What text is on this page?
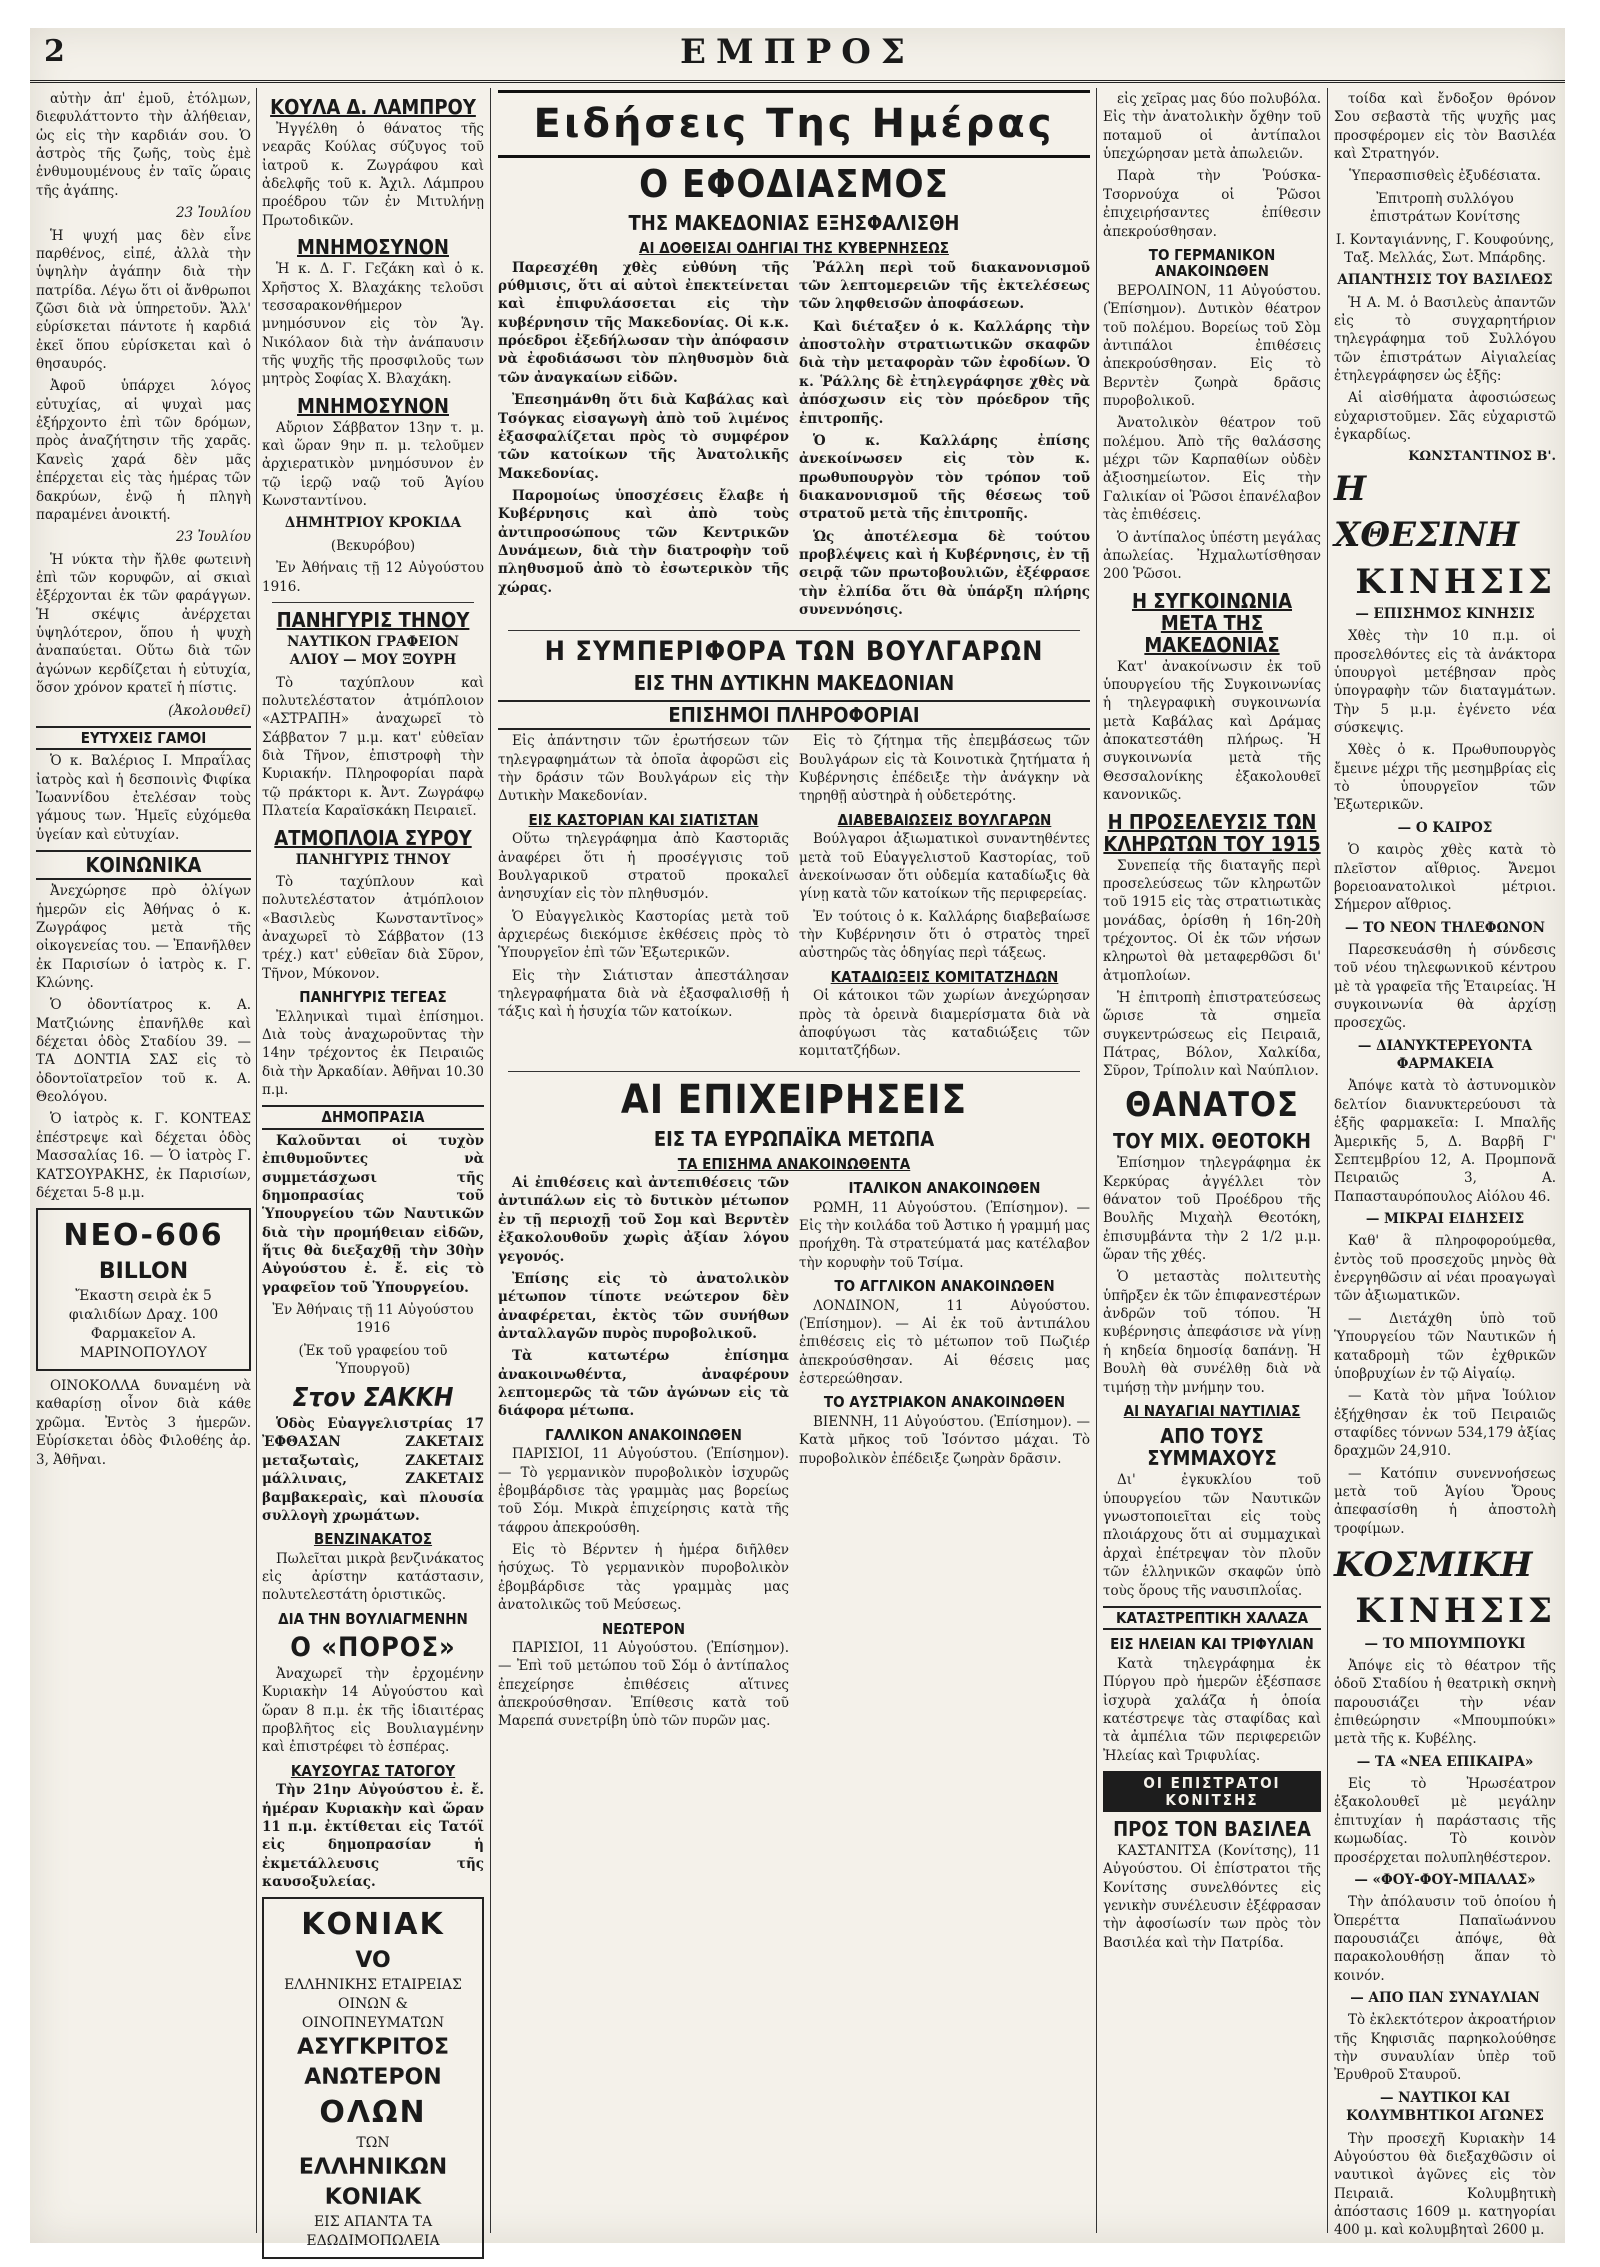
2	ΕΜΠΡΟΣ

αὐτὴν ἀπ' ἐμοῦ, ἐτόλμων, διεφυλάττοντο τὴν ἀλήθειαν, ὡς εἰς τὴν καρδιάν σου. Ὁ ἀστρὸς τῆς ζωῆς, τοὺς ἐμὲ ἐνθυμουμένους ἐν ταῖς ὥραις τῆς ἀγάπης.

23 Ἰουλίου

Ἡ ψυχή μας δὲν εἶνε παρθένος, εἰπέ, ἀλλὰ τὴν ὑψηλὴν ἀγάπην διὰ τὴν πατρίδα. Λέγω ὅτι οἱ ἄνθρωποι ζῶσι διὰ νὰ ὑπηρετοῦν. Ἄλλ' εὑρίσκεται πάντοτε ἡ καρδιά ἐκεῖ ὅπου εὑρίσκεται καὶ ὁ θησαυρός.

Ἀφοῦ ὑπάρχει λόγος εὐτυχίας, αἱ ψυχαὶ μας ἐξήρχοντο ἐπὶ τῶν δρόμων, πρὸς ἀναζήτησιν τῆς χαρᾶς. Κανεὶς χαρά δὲν μᾶς ἐπέρχεται εἰς τὰς ἡμέρας τῶν δακρύων, ἐνῷ ἡ πληγὴ παραμένει ἀνοικτή.

23 Ἰουλίου

Ἡ νύκτα τὴν ἤλθε φωτεινὴ ἐπὶ τῶν κορυφῶν, αἱ σκιαὶ ἐξέρχονται ἐκ τῶν φαράγγων. Ἡ σκέψις ἀνέρχεται ὑψηλότερον, ὅπου ἡ ψυχὴ ἀναπαύεται. Οὕτω διὰ τῶν ἀγώνων κερδίζεται ἡ εὐτυχία, ὅσον χρόνον κρατεῖ ἡ πίστις.

(Ἀκολουθεῖ)

ΕΥΤΥΧΕΙΣ ΓΑΜΟΙ

Ὁ κ. Βαλέριος Ι. Μπραΐλας ἰατρὸς καὶ ἡ δεσποινὶς Φιφίκα Ἰωαννίδου ἐτελέσαν τοὺς γάμους των. Ἡμεῖς εὐχόμεθα ὑγείαν καὶ εὐτυχίαν.

ΚΟΙΝΩΝΙΚΑ

Ἀνεχώρησε πρὸ ὀλίγων ἡμερῶν εἰς Ἀθήνας ὁ κ. Ζωγράφος μετὰ τῆς οἰκογενείας του. — Ἐπανῆλθεν ἐκ Παρισίων ὁ ἰατρὸς κ. Γ. Κλώνης.

Ὁ ὀδοντίατρος κ. Α. Ματζιώνης ἐπανῆλθε καὶ δέχεται ὁδὸς Σταδίου 39. — ΤΑ ΔΟΝΤΙΑ ΣΑΣ εἰς τὸ ὀδοντοϊατρεῖον τοῦ κ. Α. Θεολόγου.

Ὁ ἰατρὸς κ. Γ. ΚΟΝΤΕΑΣ ἐπέστρεψε καὶ δέχεται ὁδὸς Μασσαλίας 16. — Ὁ ἰατρὸς Γ. ΚΑΤΣΟΥΡΑΚΗΣ, ἐκ Παρισίων, δέχεται 5-8 μ.μ.

ΝΕΟ-606
BILLON
Ἔκαστη σειρὰ ἐκ 5 φιαλιδίων Δραχ. 100 Φαρμακεῖον Α. ΜΑΡΙΝΟΠΟΥΛΟΥ

ΟΙΝΟΚΟΛΛΑ δυναμένη νὰ καθαρίσῃ οἶνον διὰ κάθε χρῶμα. Ἐντὸς 3 ἡμερῶν. Εὑρίσκεται ὁδὸς Φιλοθέης ἀρ. 3, Ἀθῆναι.

ΚΟΥΛΑ Δ. ΛΑΜΠΡΟΥ

Ἠγγέλθη ὁ θάνατος τῆς νεαρᾶς Κούλας σύζυγος τοῦ ἰατροῦ κ. Ζωγράφου καὶ ἀδελφῆς τοῦ κ. Ἀχιλ. Λάμπρου προέδρου τῶν ἐν Μιτυλήνῃ Πρωτοδικῶν.

ΜΝΗΜΟΣΥΝΟΝ

Ἡ κ. Δ. Γ. Γεζάκη καὶ ὁ κ. Χρῆστος Χ. Βλαχάκης τελοῦσι τεσσαρακονθήμερον μνημόσυνον εἰς τὸν Ἅγ. Νικόλαον διὰ τὴν ἀνάπαυσιν τῆς ψυχῆς τῆς προσφιλοῦς των μητρὸς Σοφίας Χ. Βλαχάκη.

ΜΝΗΜΟΣΥΝΟΝ

Αὔριον Σάββατον 13ην τ. μ. καὶ ὥραν 9ην π. μ. τελοῦμεν ἀρχιερατικὸν μνημόσυνον ἐν τῷ ἱερῷ ναῷ τοῦ Ἁγίου Κωνσταντίνου.

ΔΗΜΗΤΡΙΟΥ ΚΡΟΚΙΔΑ

(Βεκυρόβου)

Ἐν Ἀθήναις τῇ 12 Αὐγούστου 1916.

ΠΑΝΗΓΥΡΙΣ ΤΗΝΟΥ

ΝΑΥΤΙΚΟΝ ΓΡΑΦΕΙΟΝ ΑΛΙΟΥ — ΜΟΥ ΞΟΥΡΗ

Τὸ ταχύπλουν καὶ πολυτελέστατον ἀτμόπλοιον «ΑΣΤΡΑΠΗ» ἀναχωρεῖ τὸ Σάββατον 7 μ.μ. κατ' εὐθεῖαν διὰ Τῆνον, ἐπιστροφὴ τὴν Κυριακήν. Πληροφορίαι παρὰ τῷ πράκτορι κ. Ἀντ. Ζωγράφῳ Πλατεία Καραϊσκάκη Πειραιεῖ.

ΑΤΜΟΠΛΟΙΑ ΣΥΡΟΥ

ΠΑΝΗΓΥΡΙΣ ΤΗΝΟΥ

Τὸ ταχύπλουν καὶ πολυτελέστατον ἀτμόπλοιον «Βασιλεὺς Κωνσταντῖνος» ἀναχωρεῖ τὸ Σάββατον (13 τρέχ.) κατ' εὐθεῖαν διὰ Σῦρον, Τῆνον, Μύκονον.

ΠΑΝΗΓΥΡΙΣ ΤΕΓΕΑΣ

Ἐλληνικαὶ τιμαὶ ἐπίσημοι. Διὰ τοὺς ἀναχωροῦντας τὴν 14ην τρέχοντος ἐκ Πειραιῶς διὰ τὴν Ἀρκαδίαν. Ἀθῆναι 10.30 π.μ.

ΔΗΜΟΠΡΑΣΙΑ

Καλοῦνται οἱ τυχὸν ἐπιθυμοῦντες νὰ συμμετάσχωσι τῆς δημοπρασίας τοῦ Ὑπουργείου τῶν Ναυτικῶν διὰ τὴν προμήθειαν εἰδῶν, ἥτις θὰ διεξαχθῇ τὴν 30ὴν Αὐγούστου ἐ. ἔ. εἰς τὸ γραφεῖον τοῦ Ὑπουργείου.

Ἐν Ἀθήναις τῇ 11 Αὐγούστου 1916

(Ἐκ τοῦ γραφείου τοῦ Ὑπουργοῦ)

Στον ΣΑΚΚΗ

Ὁδὸς Εὐαγγελιστρίας 17 ἘΦΘΑΣΑΝ ΖΑΚΕΤΑΙΣ μεταξωταὶς, ΖΑΚΕΤΑΙΣ μάλλιναις, ΖΑΚΕΤΑΙΣ βαμβακεραὶς, καὶ πλουσία συλλογὴ χρωμάτων.

ΒΕΝΖΙΝΑΚΑΤΟΣ

Πωλεῖται μικρὰ βενζινάκατος εἰς ἀρίστην κατάστασιν, πολυτελεστάτη ὁριστικῶς.

ΔΙΑ ΤΗΝ ΒΟΥΛΙΑΓΜΕΝΗΝ
Ο «ΠΟΡΟΣ»

Ἀναχωρεῖ τὴν ἐρχομένην Κυριακὴν 14 Αὐγούστου καὶ ὥραν 8 π.μ. ἐκ τῆς ἰδιαιτέρας προβλῆτος εἰς Βουλιαγμένην καὶ ἐπιστρέφει τὸ ἑσπέρας.

ΚΑΥΣΟΥΓΑΣ ΤΑΤΟΓΟΥ

Τὴν 21ην Αὐγούστου ἐ. ἔ. ἡμέραν Κυριακὴν καὶ ὥραν 11 π.μ. ἐκτίθεται εἰς Τατόϊ εἰς δημοπρασίαν ἡ ἐκμετάλλευσις τῆς καυσοξυλείας.

ΚΟΝΙΑΚ
VO
ΕΛΛΗΝΙΚΗΣ ΕΤΑΙΡΕΙΑΣ ΟΙΝΩΝ & ΟΙΝΟΠΝΕΥΜΑΤΩΝ
ΑΣΥΓΚΡΙΤΟΣ ΑΝΩΤΕΡΟΝ
ΟΛΩΝ
ΤΩΝ
ΕΛΛΗΝΙΚΩΝ ΚΟΝΙΑΚ
ΕΙΣ ΑΠΑΝΤΑ ΤΑ ΕΔΩΔΙΜΟΠΩΛΕΙΑ
Ειδήσεις Της Ημέρας
Ο ΕΦΟΔΙΑΣΜΟΣ
ΤΗΣ ΜΑΚΕΔΟΝΙΑΣ ΕΞΗΣΦΑΛΙΣΘΗ
ΑΙ ΔΟΘΕΙΣΑΙ ΟΔΗΓΙΑΙ ΤΗΣ ΚΥΒΕΡΝΗΣΕΩΣ

Παρεσχέθη χθὲς εὐθύνη τῆς ρύθμισις, ὅτι αἱ αὐτοὶ ἐπεκτείνεται καὶ ἐπιφυλάσσεται εἰς τὴν κυβέρνησιν τῆς Μακεδονίας. Οἱ κ.κ. πρόεδροι ἐξεδήλωσαν τὴν ἀπόφασιν νὰ ἐφοδιάσωσι τὸν πληθυσμὸν διὰ τῶν ἀναγκαίων εἰδῶν.

Ἐπεσημάνθη ὅτι διὰ Καβάλας καὶ Τσόγκας εἰσαγωγὴ ἀπὸ τοῦ λιμένος ἐξασφαλίζεται πρὸς τὸ συμφέρον τῶν κατοίκων τῆς Ἀνατολικῆς Μακεδονίας.

Παρομοίως ὑποσχέσεις ἔλαβε ἡ Κυβέρνησις καὶ ἀπὸ τοὺς ἀντιπροσώπους τῶν Κεντρικῶν Δυνάμεων, διὰ τὴν διατροφὴν τοῦ πληθυσμοῦ ἀπὸ τὸ ἐσωτερικὸν τῆς χώρας.

Ῥάλλη περὶ τοῦ διακανονισμοῦ τῶν λεπτομερειῶν τῆς ἐκτελέσεως τῶν ληφθεισῶν ἀποφάσεων.

Καὶ διέταξεν ὁ κ. Καλλάρης τὴν ἀποστολὴν στρατιωτικῶν σκαφῶν διὰ τὴν μεταφορὰν τῶν ἐφοδίων. Ὁ κ. Ῥάλλης δὲ ἐτηλεγράφησε χθὲς νὰ ἀπόσχωσιν εἰς τὸν πρόεδρον τῆς ἐπιτροπῆς.

Ὁ κ. Καλλάρης ἐπίσης ἀνεκοίνωσεν εἰς τὸν κ. πρωθυπουργὸν τὸν τρόπον τοῦ διακανονισμοῦ τῆς θέσεως τοῦ στρατοῦ μετὰ τῆς ἐπιτροπῆς.

Ὡς ἀποτέλεσμα δὲ τούτου προβλέψεις καὶ ἡ Κυβέρνησις, ἐν τῇ σειρᾷ τῶν πρωτοβουλιῶν, ἐξέφρασε τὴν ἐλπίδα ὅτι θὰ ὑπάρξη πλήρης συνεννόησις.

Η ΣΥΜΠΕΡΙΦΟΡΑ ΤΩΝ ΒΟΥΛΓΑΡΩΝ
ΕΙΣ ΤΗΝ ΔΥΤΙΚΗΝ ΜΑΚΕΔΟΝΙΑΝ
ΕΠΙΣΗΜΟΙ ΠΛΗΡΟΦΟΡΙΑΙ

Εἰς ἀπάντησιν τῶν ἐρωτήσεων τῶν τηλεγραφημάτων τὰ ὁποῖα ἀφορῶσι εἰς τὴν δράσιν τῶν Βουλγάρων εἰς τὴν Δυτικὴν Μακεδονίαν.

ΕΙΣ ΚΑΣΤΟΡΙΑΝ ΚΑΙ ΣΙΑΤΙΣΤΑΝ

Οὕτω τηλεγράφημα ἀπὸ Καστοριᾶς ἀναφέρει ὅτι ἡ προσέγγισις τοῦ Βουλγαρικοῦ στρατοῦ προκαλεῖ ἀνησυχίαν εἰς τὸν πληθυσμόν.

Ὁ Εὐαγγελικὸς Καστορίας μετὰ τοῦ ἀρχιερέως διεκόμισε ἐκθέσεις πρὸς τὸ Ὑπουργεῖον ἐπὶ τῶν Ἐξωτερικῶν.

Εἰς τὴν Σιάτισταν ἀπεστάλησαν τηλεγραφήματα διὰ νὰ ἐξασφαλισθῇ ἡ τάξις καὶ ἡ ἡσυχία τῶν κατοίκων.

Εἰς τὸ ζήτημα τῆς ἐπεμβάσεως τῶν Βουλγάρων εἰς τὰ Κοινοτικὰ ζητήματα ἡ Κυβέρνησις ἐπέδειξε τὴν ἀνάγκην νὰ τηρηθῇ αὐστηρὰ ἡ οὐδετερότης.

ΔΙΑΒΕΒΑΙΩΣΕΙΣ ΒΟΥΛΓΑΡΩΝ

Βούλγαροι ἀξιωματικοὶ συναντηθέντες μετὰ τοῦ Εὐαγγελιστοῦ Καστορίας, τοῦ ἀνεκοίνωσαν ὅτι οὐδεμία καταδίωξις θὰ γίνῃ κατὰ τῶν κατοίκων τῆς περιφερείας.

Ἐν τούτοις ὁ κ. Καλλάρης διαβεβαίωσε τὴν Κυβέρνησιν ὅτι ὁ στρατὸς τηρεῖ αὐστηρῶς τὰς ὁδηγίας περὶ τάξεως.

ΚΑΤΑΔΙΩΞΕΙΣ ΚΟΜΙΤΑΤΖΗΔΩΝ

Οἱ κάτοικοι τῶν χωρίων ἀνεχώρησαν πρὸς τὰ ὀρεινὰ διαμερίσματα διὰ νὰ ἀποφύγωσι τὰς καταδιώξεις τῶν κομιτατζήδων.

ΑΙ ΕΠΙΧΕΙΡΗΣΕΙΣ
ΕΙΣ ΤΑ ΕΥΡΩΠΑΪΚΑ ΜΕΤΩΠΑ
ΤΑ ΕΠΙΣΗΜΑ ΑΝΑΚΟΙΝΩΘΕΝΤΑ

Αἱ ἐπιθέσεις καὶ ἀντεπιθέσεις τῶν ἀντιπάλων εἰς τὸ δυτικὸν μέτωπον ἐν τῇ περιοχῇ τοῦ Σομ καὶ Βερντὲν ἐξακολουθοῦν χωρὶς ἀξίαν λόγου γεγονός.

Ἐπίσης εἰς τὸ ἀνατολικὸν μέτωπον τίποτε νεώτερον δὲν ἀναφέρεται, ἐκτὸς τῶν συνήθων ἀνταλλαγῶν πυρὸς πυροβολικοῦ.

Τὰ κατωτέρω ἐπίσημα ἀνακοινωθέντα, ἀναφέρουν λεπτομερῶς τὰ τῶν ἀγώνων εἰς τὰ διάφορα μέτωπα.

ΓΑΛΛΙΚΟΝ ΑΝΑΚΟΙΝΩΘΕΝ

ΠΑΡΙΣΙΟΙ, 11 Αὐγούστου. (Ἐπίσημον). — Τὸ γερμανικὸν πυροβολικὸν ἰσχυρῶς ἐβομβάρδισε τὰς γραμμὰς μας βορείως τοῦ Σόμ. Μικρὰ ἐπιχείρησις κατὰ τῆς τάφρου ἀπεκρούσθη.

Εἰς τὸ Βέρντεν ἡ ἡμέρα διῆλθεν ἡσύχως. Τὸ γερμανικὸν πυροβολικὸν ἐβομβάρδισε τὰς γραμμὰς μας ἀνατολικῶς τοῦ Μεύσεως.

ΝΕΩΤΕΡΟΝ

ΠΑΡΙΣΙΟΙ, 11 Αὐγούστου. (Ἐπίσημον). — Ἐπὶ τοῦ μετώπου τοῦ Σόμ ὁ ἀντίπαλος ἐπεχείρησε ἐπιθέσεις αἵτινες ἀπεκρούσθησαν. Ἐπίθεσις κατὰ τοῦ Μαρεπά συνετρίβη ὑπὸ τῶν πυρῶν μας.

ΙΤΑΛΙΚΟΝ ΑΝΑΚΟΙΝΩΘΕΝ

ΡΩΜΗ, 11 Αὐγούστου. (Ἐπίσημον). — Εἰς τὴν κοιλάδα τοῦ Ἀστικο ἡ γραμμή μας προήχθη. Τὰ στρατεύματά μας κατέλαβον τὴν κορυφὴν τοῦ Τσίμα.

ΤΟ ΑΓΓΛΙΚΟΝ ΑΝΑΚΟΙΝΩΘΕΝ

ΛΟΝΔΙΝΟΝ, 11 Αὐγούστου. (Ἐπίσημον). — Αἱ ἐκ τοῦ ἀντιπάλου ἐπιθέσεις εἰς τὸ μέτωπον τοῦ Πωζιέρ ἀπεκρούσθησαν. Αἱ θέσεις μας ἐστερεώθησαν.

ΤΟ ΑΥΣΤΡΙΑΚΟΝ ΑΝΑΚΟΙΝΩΘΕΝ

ΒΙΕΝΝΗ, 11 Αὐγούστου. (Ἐπίσημον). — Κατὰ μῆκος τοῦ Ἰσόντσο μάχαι. Τὸ πυροβολικὸν ἐπέδειξε ζωηρὰν δρᾶσιν.

εἰς χεῖρας μας δύο πολυβόλα. Εἰς τὴν ἀνατολικὴν ὄχθην τοῦ ποταμοῦ οἱ ἀντίπαλοι ὑπεχώρησαν μετὰ ἀπωλειῶν.

Παρὰ τὴν Ῥούσκα-Τσορνούχα οἱ Ῥῶσοι ἐπιχειρήσαντες ἐπίθεσιν ἀπεκρούσθησαν.

ΤΟ ΓΕΡΜΑΝΙΚΟΝ ΑΝΑΚΟΙΝΩΘΕΝ

ΒΕΡΟΛΙΝΟΝ, 11 Αὐγούστου. (Ἐπίσημον). Δυτικὸν θέατρον τοῦ πολέμου. Βορείως τοῦ Σὸμ ἀντιπάλοι ἐπιθέσεις ἀπεκρούσθησαν. Εἰς τὸ Βερντὲν ζωηρὰ δρᾶσις πυροβολικοῦ.

Ἀνατολικὸν θέατρον τοῦ πολέμου. Ἀπὸ τῆς θαλάσσης μέχρι τῶν Καρπαθίων οὐδὲν ἀξιοσημείωτον. Εἰς τὴν Γαλικίαν οἱ Ῥῶσοι ἐπανέλαβον τὰς ἐπιθέσεις.

Ὁ ἀντίπαλος ὑπέστη μεγάλας ἀπωλείας. Ἠχμαλωτίσθησαν 200 Ῥῶσοι.

Η ΣΥΓΚΟΙΝΩΝΙΑ ΜΕΤΑ ΤΗΣ ΜΑΚΕΔΟΝΙΑΣ

Κατ' ἀνακοίνωσιν ἐκ τοῦ ὑπουργείου τῆς Συγκοινωνίας ἡ τηλεγραφικὴ συγκοινωνία μετὰ Καβάλας καὶ Δράμας ἀποκατεστάθη πλήρως. Ἡ συγκοινωνία μετὰ τῆς Θεσσαλονίκης ἐξακολουθεῖ κανονικῶς.

Η ΠΡΟΣΕΛΕΥΣΙΣ ΤΩΝ ΚΛΗΡΩΤΩΝ ΤΟΥ 1915

Συνεπείᾳ τῆς διαταγῆς περὶ προσελεύσεως τῶν κληρωτῶν τοῦ 1915 εἰς τὰς στρατιωτικὰς μονάδας, ὁρίσθη ἡ 16η-20ὴ τρέχοντος. Οἱ ἐκ τῶν νήσων κληρωτοὶ θὰ μεταφερθῶσι δι' ἀτμοπλοίων.

Ἡ ἐπιτροπὴ ἐπιστρατεύσεως ὥρισε τὰ σημεῖα συγκεντρώσεως εἰς Πειραιᾶ, Πάτρας, Βόλον, Χαλκίδα, Σῦρον, Τρίπολιν καὶ Ναύπλιον.

ΘΑΝΑΤΟΣ
ΤΟΥ ΜΙΧ. ΘΕΟΤΟΚΗ

Ἐπίσημον τηλεγράφημα ἐκ Κερκύρας ἀγγέλλει τὸν θάνατον τοῦ Προέδρου τῆς Βουλῆς Μιχαὴλ Θεοτόκη, ἐπισυμβάντα τὴν 2 1/2 μ.μ. ὥραν τῆς χθές.

Ὁ μεταστὰς πολιτευτὴς ὑπῆρξεν ἐκ τῶν ἐπιφανεστέρων ἀνδρῶν τοῦ τόπου. Ἡ κυβέρνησις ἀπεφάσισε νὰ γίνῃ ἡ κηδεία δημοσίᾳ δαπάνῃ. Ἡ Βουλὴ θὰ συνέλθῃ διὰ νὰ τιμήσῃ τὴν μνήμην του.

ΑΙ ΝΑΥΑΓΙΑΙ ΝΑΥΤΙΛΙΑΣ
ΑΠΟ ΤΟΥΣ ΣΥΜΜΑΧΟΥΣ

Δι' ἐγκυκλίου τοῦ ὑπουργείου τῶν Ναυτικῶν γνωστοποιεῖται εἰς τοὺς πλοιάρχους ὅτι αἱ συμμαχικαὶ ἀρχαὶ ἐπέτρεψαν τὸν πλοῦν τῶν ἑλληνικῶν σκαφῶν ὑπὸ τοὺς ὅρους τῆς ναυσιπλοΐας.

ΚΑΤΑΣΤΡΕΠΤΙΚΗ ΧΑΛΑΖΑ
ΕΙΣ ΗΛΕΙΑΝ ΚΑΙ ΤΡΙΦΥΛΙΑΝ

Κατὰ τηλεγράφημα ἐκ Πύργου πρὸ ἡμερῶν ἐξέσπασε ἰσχυρὰ χαλάζα ἡ ὁποία κατέστρεψε τὰς σταφίδας καὶ τὰ ἀμπέλια τῶν περιφερειῶν Ἠλείας καὶ Τριφυλίας.

ΟΙ ΕΠΙΣΤΡΑΤΟΙ ΚΟΝΙΤΣΗΣ
ΠΡΟΣ ΤΟΝ ΒΑΣΙΛΕΑ

ΚΑΣΤΑΝΙΤΣΑ (Κονίτσης), 11 Αὐγούστου. Οἱ ἐπίστρατοι τῆς Κονίτσης συνελθόντες εἰς γενικὴν συνέλευσιν ἐξέφρασαν τὴν ἀφοσίωσίν των πρὸς τὸν Βασιλέα καὶ τὴν Πατρίδα.

τοίδα καὶ ἔνδοξον θρόνον Σου σεβαστὰ τῆς ψυχῆς μας προσφέρομεν εἰς τὸν Βασιλέα καὶ Στρατηγόν.

Ὑπερασπισθεὶς ἐξυδέσιατα.

Ἐπιτροπὴ συλλόγου ἐπιστράτων Κονίτσης

Ι. Κονταγιάννης, Γ. Κουφούνης, Ταξ. Μελλάς, Σωτ. Μπάρδης.

ΑΠΑΝΤΗΣΙΣ ΤΟΥ ΒΑΣΙΛΕΩΣ

Ἡ Α. Μ. ὁ Βασιλεὺς ἀπαντῶν εἰς τὸ συγχαρητήριον τηλεγράφημα τοῦ Συλλόγου τῶν ἐπιστράτων Αἰγιαλείας ἐτηλεγράφησεν ὡς ἑξῆς:

Αἱ αἰσθήματα ἀφοσιώσεως εὐχαριστοῦμεν. Σᾶς εὐχαριστῶ ἐγκαρδίως.

ΚΩΝΣΤΑΝΤΙΝΟΣ Β'.
Η ΧΘΕΣΙΝΗ
ΚΙΝΗΣΙΣ

— ΕΠΙΣΗΜΟΣ ΚΙΝΗΣΙΣ

Χθὲς τὴν 10 π.μ. οἱ προσελθόντες εἰς τὰ ἀνάκτορα ὑπουργοὶ μετέβησαν πρὸς ὑπογραφὴν τῶν διαταγμάτων. Τὴν 5 μ.μ. ἐγένετο νέα σύσκεψις.

Χθὲς ὁ κ. Πρωθυπουργὸς ἔμεινε μέχρι τῆς μεσημβρίας εἰς τὸ ὑπουργεῖον τῶν Ἐξωτερικῶν.

— Ο ΚΑΙΡΟΣ

Ὁ καιρὸς χθὲς κατὰ τὸ πλεῖστον αἴθριος. Ἄνεμοι βορειοανατολικοὶ μέτριοι. Σήμερον αἴθριος.

— ΤΟ ΝΕΟΝ ΤΗΛΕΦΩΝΟΝ

Παρεσκευάσθη ἡ σύνδεσις τοῦ νέου τηλεφωνικοῦ κέντρου μὲ τὰ γραφεῖα τῆς Ἑταιρείας. Ἡ συγκοινωνία θὰ ἀρχίσῃ προσεχῶς.

— ΔΙΑΝΥΚΤΕΡΕΥΟΝΤΑ ΦΑΡΜΑΚΕΙΑ

Ἀπόψε κατὰ τὸ ἀστυνομικὸν δελτίον διανυκτερεύουσι τὰ ἑξῆς φαρμακεῖα: Ι. Μπαλῆς Ἀμερικῆς 5, Δ. Βαρβῆ Γ' Σεπτεμβρίου 12, Α. Προμπονᾶ Πειραιῶς 3, Α. Παπασταυρόπουλος Αἰόλου 46.

— ΜΙΚΡΑΙ ΕΙΔΗΣΕΙΣ

Καθ' ἃ πληροφορούμεθα, ἐντὸς τοῦ προσεχοῦς μηνὸς θὰ ἐνεργηθῶσιν αἱ νέαι προαγωγαὶ τῶν ἀξιωματικῶν.

— Διετάχθη ὑπὸ τοῦ Ὑπουργείου τῶν Ναυτικῶν ἡ καταδρομὴ τῶν ἐχθρικῶν ὑποβρυχίων ἐν τῷ Αἰγαίῳ.

— Κατὰ τὸν μῆνα Ἰούλιον ἐξήχθησαν ἐκ τοῦ Πειραιῶς σταφίδες τόννων 534,179 ἀξίας δραχμῶν 24,910.

— Κατόπιν συνεννοήσεως μετὰ τοῦ Ἁγίου Ὄρους ἀπεφασίσθη ἡ ἀποστολὴ τροφίμων.

ΚΟΣΜΙΚΗ
ΚΙΝΗΣΙΣ

— ΤΟ ΜΠΟΥΜΠΟΥΚΙ

Ἀπόψε εἰς τὸ θέατρον τῆς ὁδοῦ Σταδίου ἡ θεατρικὴ σκηνὴ παρουσιάζει τὴν νέαν ἐπιθεώρησιν «Μπουμπούκι» μετὰ τῆς κ. Κυβέλης.

— ΤΑ «ΝΕΑ ΕΠΙΚΑΙΡΑ»

Εἰς τὸ Ἠρωσέατρον ἐξακολουθεῖ μὲ μεγάλην ἐπιτυχίαν ἡ παράστασις τῆς κωμωδίας. Τὸ κοινὸν προσέρχεται πολυπληθέστερον.

— «ΦΟΥ-ΦΟΥ-ΜΠΑΛΑΣ»

Τὴν ἀπόλαυσιν τοῦ ὁποίου ἡ Ὀπερέττα Παπαϊωάννου παρουσιάζει ἀπόψε, θὰ παρακολουθήσῃ ἅπαν τὸ κοινόν.

— ΑΠΟ ΠΑΝ ΣΥΝΑΥΛΙΑΝ

Τὸ ἐκλεκτότερον ἀκροατήριον τῆς Κηφισιᾶς παρηκολούθησε τὴν συναυλίαν ὑπὲρ τοῦ Ἐρυθροῦ Σταυροῦ.

— ΝΑΥΤΙΚΟΙ ΚΑΙ ΚΟΛΥΜΒΗΤΙΚΟΙ ΑΓΩΝΕΣ

Τὴν προσεχῆ Κυριακὴν 14 Αὐγούστου θὰ διεξαχθῶσιν οἱ ναυτικοὶ ἀγῶνες εἰς τὸν Πειραιᾶ. Κολυμβητικὴ ἀπόστασις 1609 μ. κατηγορίαι 400 μ. καὶ κολυμβηταὶ 2600 μ.
